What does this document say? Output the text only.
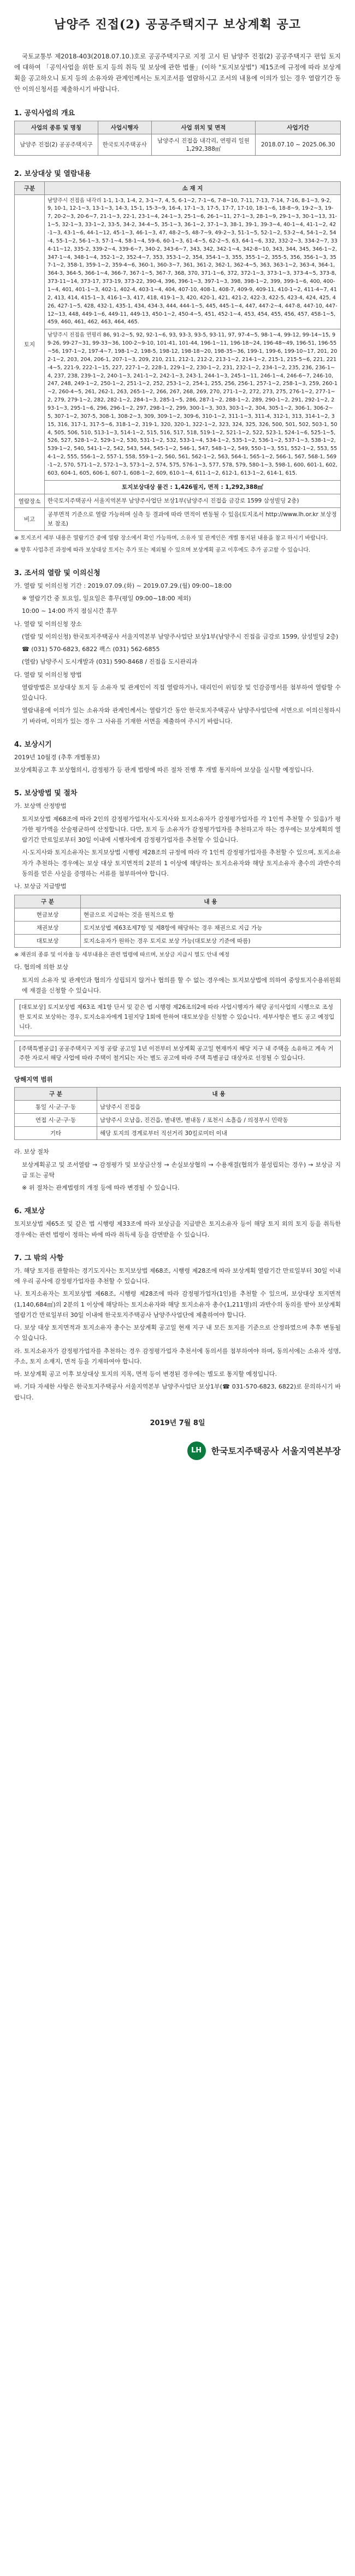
남양주 진접(2) 공공주택지구 보상계획 공고
국토교통부 제2018-403(2018.07.10.)호로 공공주택지구로 지정 고시 된 남양주 진접(2) 공공주택지구 편입 토지에 대하여 「공익사업을 위한 토지 등의 취득 및 보상에 관한 법률」(이하 "토지보상법") 제15조에 규정에 따라 보상계획을 공고하오니 토지 등의 소유자와 관계인께서는 토지조서를 열람하시고 조서의 내용에 이의가 있는 경우 열람기간 동안 이의신청서를 제출하시기 바랍니다.
1. 공익사업의 개요
사업의 종류 및 명칭	사업시행자	사업 위치 및 면적	사업기간
남양주 진접(2) 공공주택지구	한국토지주택공사	남양주시 진접읍 내각리, 연평리 일원
1,292,388㎡	2018.07.10 ~ 2025.06.30
2. 보상대상 및 열람내용
구분	소 재 지
토지	남양주시 진접읍 내각리 1-1, 1-3, 1-4, 2, 3-1~7, 4, 5, 6-1~2, 7-1~6, 7-8~10, 7-11, 7-13, 7-14, 7-16, 8-1~3, 9-2, 9, 10-1, 12-1~3, 13-1~3, 14-3, 15-1, 15-3~9, 16-4, 17-1~3, 17-5, 17-7, 17-10, 18-1~6, 18-8~9, 19-2~3, 19-7, 20-2~3, 20-6~7, 21-1~3, 22-1, 23-1~4, 24-1~3, 25-1~6, 26-1~11, 27-1~3, 28-1~9, 29-1~3, 30-1~13, 31-1~5, 32-1~3, 33-1~2, 33-5, 34-2, 34-4~5, 35-1~3, 36-1~2, 37-1~3, 38-1, 39-1, 39-3~4, 40-1~4, 41-1~2, 42-1~3, 43-1~6, 44-1~12, 45-1~3, 46-1~3, 47, 48-2~5, 48-7~9, 49-2~3, 51-1~5, 52-1~2, 53-2~4, 54-1~2, 54-4, 55-1~2, 56-1~3, 57-1~4, 58-1~4, 59-6, 60-1~3, 61-4~5, 62-2~5, 63, 64-1~6, 332, 332-2~3, 334-2~7, 334-11~12, 335-2, 339-2~4, 339-6~7, 340-2, 343-6~7, 343, 342, 342-1~4, 342-8~10, 343, 344, 345, 346-1~2, 347-1~4, 348-1~4, 352-1~2, 352-4~7, 353, 353-1~2, 354, 354-1~3, 355, 355-1~2, 355-5, 356, 356-1~3, 357-1~2, 358-1, 359-1~2, 359-4~6, 360-1, 360-3~7, 361, 361-2, 362-1, 362-4~5, 363, 363-1~2, 363-4, 364-1, 364-3, 364-5, 366-1~4, 366-7, 367-1~5, 367-7, 368, 370, 371-1~6, 372, 372-1~3, 373-1~3, 373-4~5, 373-8, 373-11~14, 373-17, 373-19, 373-22, 390-4, 396, 396-1~3, 397-1~3, 398, 398-1~2, 399, 399-1~6, 400, 400-1~4, 401, 401-1~3, 402-1, 402-4, 403-1~4, 404, 407-10, 408-1, 408-7, 409-9, 409-11, 410-1~2, 411-4~7, 412, 413, 414, 415-1~3, 416-1~3, 417, 418, 419-1~3, 420, 420-1, 421, 421-2, 422-3, 422-5, 423-4, 424, 425, 426, 427-1~5, 428, 432-1, 435-1, 434, 434-3, 444, 444-1~5, 445, 445-1~4, 447, 447-2~4, 447-8, 447-10, 447-12~13, 448, 449-1~6, 449-11, 449-13, 450-1~2, 450-4~5, 451, 452-1~4, 453, 454, 455, 456, 457, 458-1~5, 459, 460, 461, 462, 463, 464, 465.
	남양주시 진접읍 연평리 86, 91-2~5, 92, 92-1~6, 93, 93-3, 93-5, 93-11, 97, 97-4~5, 98-1~4, 99-12, 99-14~15, 99-26, 99-27~31, 99-33~36, 100-2~9-10, 101-41, 101-44, 196-1~11, 196-18~24, 196-48~49, 196-51, 196-55~56, 197-1~2, 197-4~7, 198-1~2, 198-5, 198-12, 198-18~20, 198-35~36, 199-1, 199-6, 199-10~17, 201, 202-1~2, 203, 204, 206-1, 207-1~3, 209, 210, 211, 212-1, 212-2, 213-1~2, 214-1~2, 215-1, 215-5~6, 221, 221-4~5, 221-9, 222-1~15, 227, 227-1~2, 228-1, 229-1~2, 230-1~2, 231, 232-1~2, 234-1~2, 235, 236, 236-1~4, 237, 238, 239-1~2, 240-1~3, 241-1~2, 242-1~3, 243-1, 244-1~3, 245-1~11, 246-1~4, 246-6~7, 246-10, 247, 248, 249-1~2, 250-1~2, 251-1~2, 252, 253-1~2, 254-1, 255, 256, 256-1, 257-1~2, 258-1~3, 259, 260-1~2, 260-4~5, 261, 262-1, 263, 265-1~2, 266, 267, 268, 269, 270, 271-1~2, 272, 273, 275, 276-1~2, 277-1~2, 279, 279-1~2, 282, 282-1~2, 284-1~3, 285-1~5, 286, 287-1~2, 288-1~2, 289, 290-1~2, 291, 292-1~2, 293-1~3, 295-1~6, 296, 296-1~2, 297, 298-1~2, 299, 300-1~3, 303, 303-1~2, 304, 305-1~2, 306-1, 306-2~5, 307-1~2, 307-5, 308-1, 308-2~3, 309, 309-1~2, 309-6, 310-1~2, 311-1~3, 311-4, 312-1, 313, 314-1~2, 315, 316, 317-1, 317-5~6, 318-1~2, 319-1, 320, 320-1, 322-1~2, 323, 324, 325, 326, 500, 501, 502, 503-1, 504, 505, 506, 510, 513-1~3, 514-1~2, 515, 516, 517, 518, 519-1~2, 521-1~2, 522, 523-1, 524-1~6, 525-1~5, 526, 527, 528-1~2, 529-1~2, 530, 531-1~2, 532, 533-1~4, 534-1~2, 535-1~2, 536-1~2, 537-1~3, 538-1~2, 539-1~2, 540, 541-1~2, 542, 543, 544, 545-1~2, 546-1, 547, 548-1~2, 549, 550-1~3, 551, 552-1~2, 553, 554-1~2, 555, 556-1~2, 557-1, 558, 559-1~2, 560, 561, 562-1~2, 563, 564-1, 565-1~2, 566-1, 567, 568-1, 569-1~2, 570, 571-1~2, 572-1~3, 573-1~2, 574, 575, 576-1~3, 577, 578, 579, 580-1~3, 598-1, 600, 601-1, 602, 603, 604-1, 605, 606-1, 607-1, 608-1~2, 609, 610-1~4, 611-1~2, 612-1, 613-1~2, 614-1, 615.
	토지보상대상 물건 : 1,426필지, 면적 : 1,292,388㎡
열람장소	한국토지주택공사 서울지역본부 남양주사업단 보상1부(남양주시 진접읍 금강로 1599 삼성빌딩 2층)
비고	공부면적 기준으로 열람 가능하며 실측 등 결과에 따라 면적이 변동될 수 있음(토지조서 http://www.lh.or.kr 보상정보 참조)
※ 토지조서 세부 내용은 열람기간 중에 열람 장소에서 확인 가능하며, 소유자 및 관계인은 개별 통지된 내용을 참고 하시기 바랍니다.
※ 향후 사업추진 과정에 따라 보상대상 토지는 추가 또는 제외될 수 있으며 보상계획 공고 이후에도 추가 공고할 수 있습니다.
3. 조서의 열람 및 이의신청
가. 열람 및 이의신청 기간 : 2019.07.09.(화) ~ 2019.07.29.(월) 09:00~18:00
※ 열람기간 중 토요일, 일요일은 휴무(평일 09:00~18:00 제외)
10:00 ~ 14:00 까지 점심시간 휴무
나. 열람 및 이의신청 장소
(열람 및 이의신청) 한국토지주택공사 서울지역본부 남양주사업단 보상1부(남양주시 진접읍 금강로 1599, 삼성빌딩 2층)
☎ (031) 570-6823, 6822 팩스 (031) 562-6855
(열람) 남양주시 도시개발과 (031) 590-8468 / 진접읍 도시관리과
다. 열람 및 이의신청 방법
열람방법은 보상대상 토지 등 소유자 및 관계인이 직접 열람하거나, 대리인이 위임장 및 인감증명서를 첨부하여 열람할 수 있습니다.
열람내용에 이의가 있는 소유자와 관계인께서는 열람기간 동안 한국토지주택공사 남양주사업단에 서면으로 이의신청하시기 바라며, 이의가 있는 경우 그 사유를 기재한 서면을 제출하여 주시기 바랍니다.
4. 보상시기
2019년 10월경 (추후 개별통보)
보상계획공고 후 보상협의시, 감정평가 등 관계 법령에 따른 절차 진행 후 개별 통지하여 보상을 실시할 예정입니다.
5. 보상방법 및 절차
가. 보상액 산정방법
토지보상법 제68조에 따라 2인의 감정평가업자(시·도지사와 토지소유자가 감정평가업자를 각 1인씩 추천할 수 있음)가 평가한 평가액을 산술평균하여 산정합니다. 다만, 토지 등 소유자가 감정평가업자를 추천하고자 하는 경우에는 보상계획의 열람기간 만료일로부터 30일 이내에 시행자에게 감정평가업자를 추천할 수 있습니다.
시·도지사와 토지소유자는 토지보상법 시행령 제28조의 규정에 따라 각 1인씩 감정평가업자를 추천할 수 있으며, 토지소유자가 추천하는 경우에는 보상 대상 토지면적의 2분의 1 이상에 해당하는 토지소유자와 해당 토지소유자 총수의 과반수의 동의를 얻은 사실을 증명하는 서류를 첨부하여야 합니다.
나. 보상금 지급방법
구 분	내 용
현금보상	현금으로 지급하는 것을 원칙으로 함
채권보상	토지보상법 제63조제7항 및 제8항에 해당하는 경우 채권으로 지급 가능
대토보상	토지소유자가 원하는 경우 토지로 보상 가능(대토보상 기준에 따름)
※ 채권의 종류 및 이자율 등 세부내용은 관련 법령에 따르며, 보상금 지급시 별도 안내 예정
다. 협의에 의한 보상
토지의 소유자 및 관계인과 협의가 성립되지 않거나 협의를 할 수 없는 경우에는 토지보상법에 의하여 중앙토지수용위원회에 재결을 신청할 수 있습니다.
[대토보상] 토지보상법 제63조 제1항 단서 및 같은 법 시행령 제26조의2에 따라 사업시행자가 해당 공익사업의 시행으로 조성한 토지로 보상하는 경우, 토지소유자에게 1필지당 1회에 한하여 대토보상을 신청할 수 있습니다. 세부사항은 별도 공고 예정입니다.
[주택특별공급] 공공주택지구 지정 공람 공고일 1년 이전부터 보상계획 공고일 현재까지 해당 지구 내 주택을 소유하고 계속 거주한 자로서 해당 사업에 따라 주택이 철거되는 자는 별도 공고에 따라 주택 특별공급 대상자로 선정될 수 있습니다.
당해지역 범위
구 분	내 용
통일 시·군·구·동	남양주시 진접읍
연접 시·군·구·동	남양주시 오남읍, 진건읍, 별내면, 별내동 / 포천시 소흘읍 / 의정부시 민락동
기타	해당 토지의 경계로부터 직선거리 30킬로미터 이내
라. 보상 절차
보상계획공고 및 조서열람 → 감정평가 및 보상금산정 → 손실보상협의 → 수용재결(협의가 불성립되는 경우) → 보상금 지급 또는 공탁
※ 위 절차는 관계법령의 개정 등에 따라 변경될 수 있습니다.
6. 재보상
토지보상법 제65조 및 같은 법 시행령 제33조에 따라 보상금을 지급받은 토지소유자 등이 해당 토지 외의 토지 등을 취득한 경우에는 관련 법령이 정하는 바에 따라 취득세 등을 감면받을 수 있습니다.
7. 그 밖의 사항
가. 해당 토지를 관할하는 경기도지사는 토지보상법 제68조, 시행령 제28조에 따라 보상계획 열람기간 만료일부터 30일 이내에 우리 공사에 감정평가업자를 추천할 수 있습니다.
나. 토지소유자는 토지보상법 제68조, 시행령 제28조에 따라 감정평가업자(1인)를 추천할 수 있으며, 보상대상 토지면적(1,140,684㎡)의 2분의 1 이상에 해당하는 토지소유자와 해당 토지소유자 총수(1,211명)의 과반수의 동의를 받아 보상계획 열람기간 만료일부터 30일 이내에 한국토지주택공사 남양주사업단에 제출하여야 합니다.
다. 보상 대상 토지면적과 토지소유자 총수는 보상계획 공고일 현재 지구 내 모든 토지를 기준으로 산정하였으며 추후 변동될 수 있습니다.
라. 토지소유자가 감정평가업자를 추천하는 경우 감정평가업자 추천서에 동의서를 첨부하여야 하며, 동의서에는 소유자 성명, 주소, 토지 소재지, 면적 등을 기재하여야 합니다.
마. 보상계획 공고 이후 보상대상 토지의 지목, 면적 등이 변경된 경우에는 별도로 통지할 예정입니다.
바. 기타 자세한 사항은 한국토지주택공사 서울지역본부 남양주사업단 보상1부(☎ 031-570-6823, 6822)로 문의하시기 바랍니다.
2019년 7월 8일
LH	한국토지주택공사 서울지역본부장
